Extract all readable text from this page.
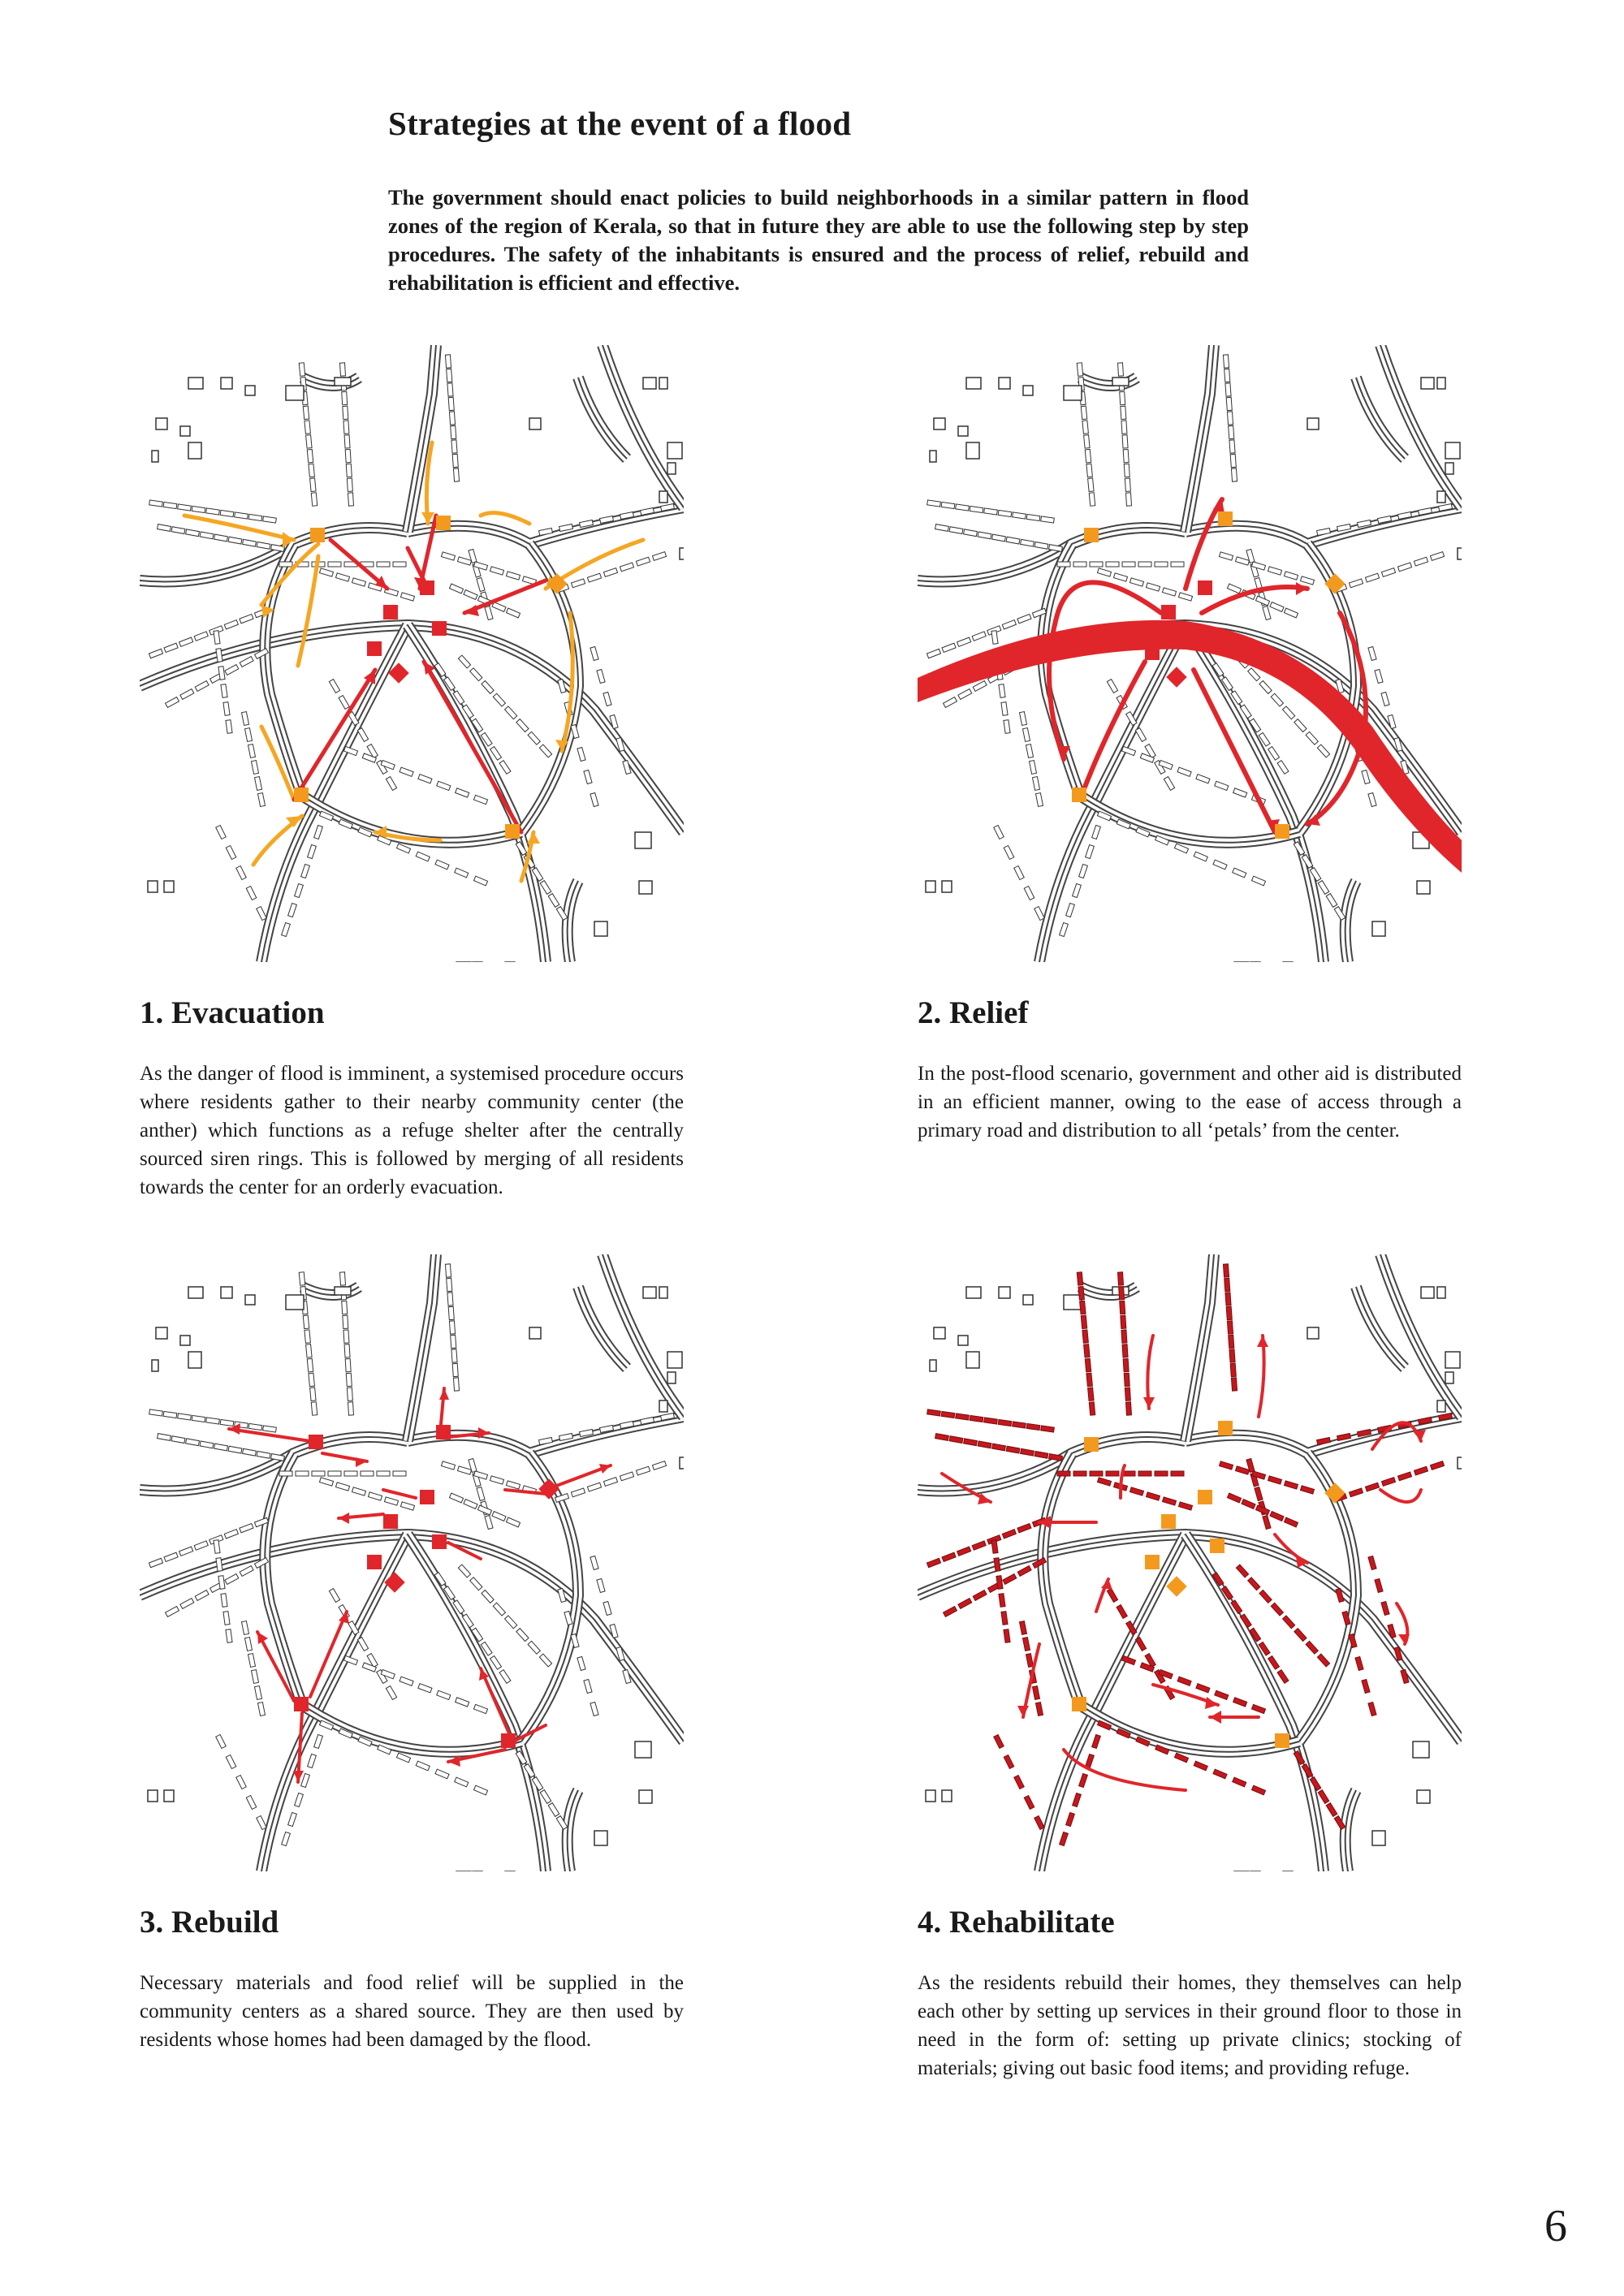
Strategies at the event of a flood

The government should enact policies to build neighborhoods in a similar pattern in flood zones of the region of Kerala, so that in future they are able to use the following step by step procedures. The safety of the inhabitants is ensured and the process of relief, rebuild and rehabilitation is efficient and effective.

1. Evacuation

As the danger of flood is imminent, a systemised procedure occurs where residents gather to their nearby community center (the anther) which functions as a refuge shelter after the centrally sourced siren rings. This is followed by merging of all residents towards the center for an orderly evacuation.

2. Relief

In the post-flood scenario, government and other aid is distributed in an efficient manner, owing to the ease of access through a primary road and distribution to all ‘petals’ from the center.

3. Rebuild

Necessary materials and food relief will be supplied in the community centers as a shared source. They are then used by residents whose homes had been damaged by the flood.

4. Rehabilitate

As the residents rebuild their homes, they themselves can help each other by setting up services in their ground floor to those in need in the form of: setting up private clinics; stocking of materials; giving out basic food items; and providing refuge.

6
